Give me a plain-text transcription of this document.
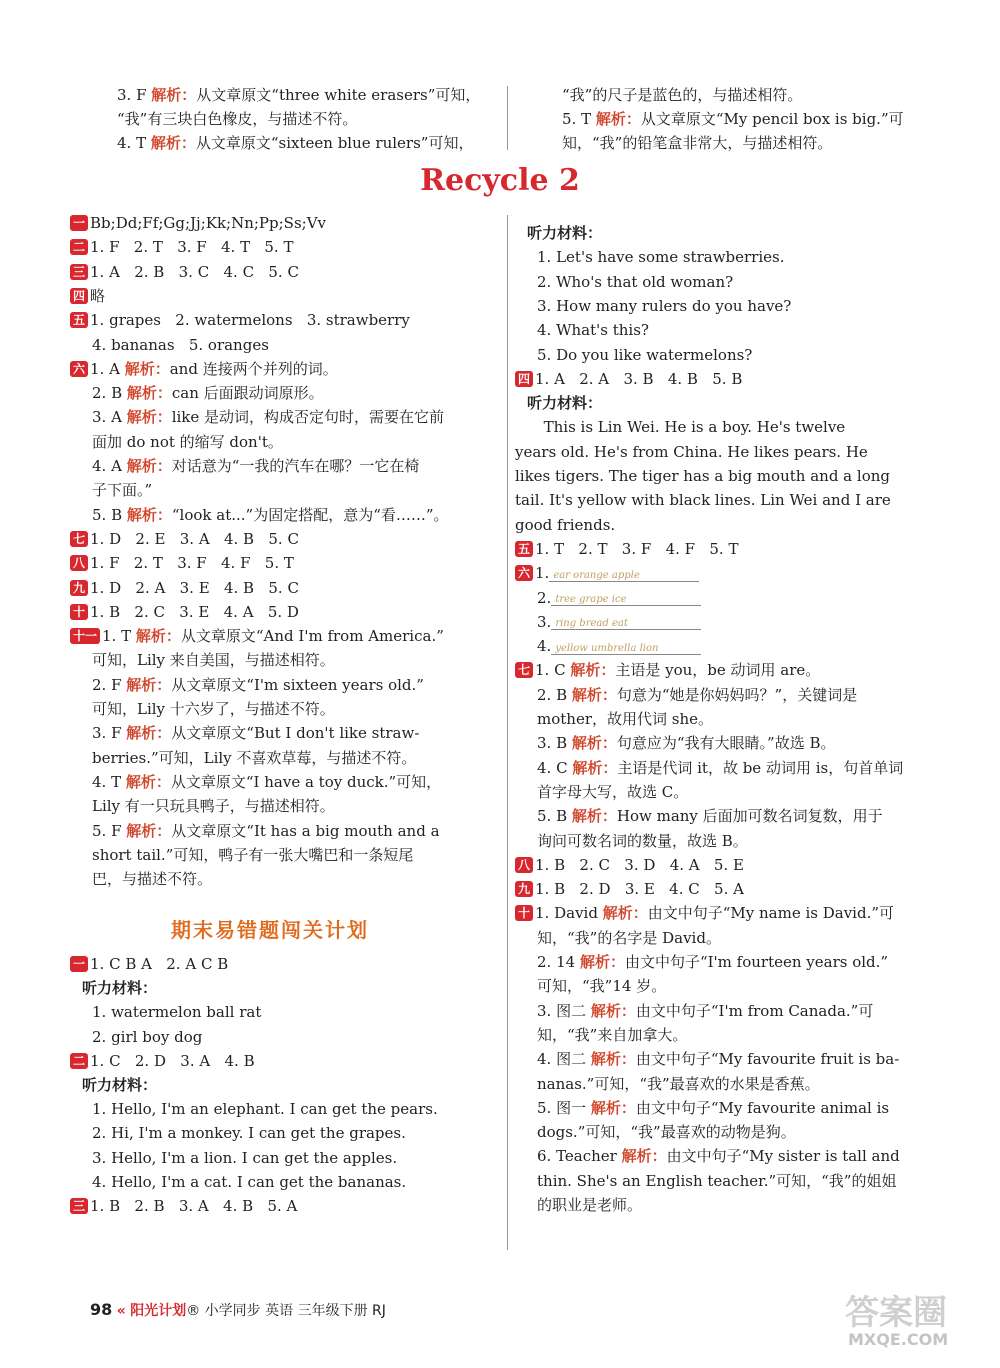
3. F 解析：从文章原文“three white erasers”可知，
“我”有三块白色橡皮，与描述不符。
4. T 解析：从文章原文“sixteen blue rulers”可知，
“我”的尺子是蓝色的，与描述相符。
5. T 解析：从文章原文“My pencil box is big.”可
知，“我”的铅笔盒非常大，与描述相符。
Recycle 2
一 Bb;Dd;Ff;Gg;Jj;Kk;Nn;Pp;Ss;Vv
二 1. F   2. T   3. F   4. T   5. T
三 1. A   2. B   3. C   4. C   5. C
四 略
五 1. grapes   2. watermelons   3. strawberry
4. bananas   5. oranges
六 1. A 解析：and 连接两个并列的词。
2. B 解析：can 后面跟动词原形。
3. A 解析：like 是动词，构成否定句时，需要在它前
面加 do not 的缩写 don't。
4. A 解析：对话意为“一我的汽车在哪？一它在椅
子下面。”
5. B 解析：“look at...”为固定搭配，意为“看……”。
七 1. D   2. E   3. A   4. B   5. C
八 1. F   2. T   3. F   4. F   5. T
九 1. D   2. A   3. E   4. B   5. C
十 1. B   2. C   3. E   4. A   5. D
十一 1. T 解析：从文章原文“And I'm from America.”
可知，Lily 来自美国，与描述相符。
2. F 解析：从文章原文“I'm sixteen years old.”
可知，Lily 十六岁了，与描述不符。
3. F 解析：从文章原文“But I don't like straw-
berries.”可知，Lily 不喜欢草莓，与描述不符。
4. T 解析：从文章原文“I have a toy duck.”可知，
Lily 有一只玩具鸭子，与描述相符。
5. F 解析：从文章原文“It has a big mouth and a
short tail.”可知，鸭子有一张大嘴巴和一条短尾
巴，与描述不符。
期末易错题闯关计划
一 1. C B A   2. A C B
听力材料：
1. watermelon ball rat
2. girl boy dog
二 1. C   2. D   3. A   4. B
听力材料：
1. Hello, I'm an elephant. I can get the pears.
2. Hi, I'm a monkey. I can get the grapes.
3. Hello, I'm a lion. I can get the apples.
4. Hello, I'm a cat. I can get the bananas.
三 1. B   2. B   3. A   4. B   5. A
听力材料：
1. Let's have some strawberries.
2. Who's that old woman?
3. How many rulers do you have?
4. What's this?
5. Do you like watermelons?
四 1. A   2. A   3. B   4. B   5. B
听力材料：
This is Lin Wei. He is a boy. He's twelve
years old. He's from China. He likes pears. He
likes tigers. The tiger has a big mouth and a long
tail. It's yellow with black lines. Lin Wei and I are
good friends.
五 1. T   2. T   3. F   4. F   5. T
六 1. ear orange apple
2. tree grape ice
3. ring bread eat
4. yellow umbrella lion
七 1. C 解析：主语是 you，be 动词用 are。
2. B 解析：句意为“她是你妈妈吗？”，关键词是
mother，故用代词 she。
3. B 解析：句意应为“我有大眼睛。”故选 B。
4. C 解析：主语是代词 it，故 be 动词用 is，句首单词
首字母大写，故选 C。
5. B 解析：How many 后面加可数名词复数，用于
询问可数名词的数量，故选 B。
八 1. B   2. C   3. D   4. A   5. E
九 1. B   2. D   3. E   4. C   5. A
十 1. David 解析：由文中句子“My name is David.”可
知，“我”的名字是 David。
2. 14 解析：由文中句子“I'm fourteen years old.”
可知，“我”14 岁。
3. 图二 解析：由文中句子“I'm from Canada.”可
知，“我”来自加拿大。
4. 图二 解析：由文中句子“My favourite fruit is ba-
nanas.”可知，“我”最喜欢的水果是香蕉。
5. 图一 解析：由文中句子“My favourite animal is
dogs.”可知，“我”最喜欢的动物是狗。
6. Teacher 解析：由文中句子“My sister is tall and
thin. She's an English teacher.”可知，“我”的姐姐
的职业是老师。
98 « 阳光计划® 小学同步 英语 三年级下册 RJ	答案圈
MXQE.COM
